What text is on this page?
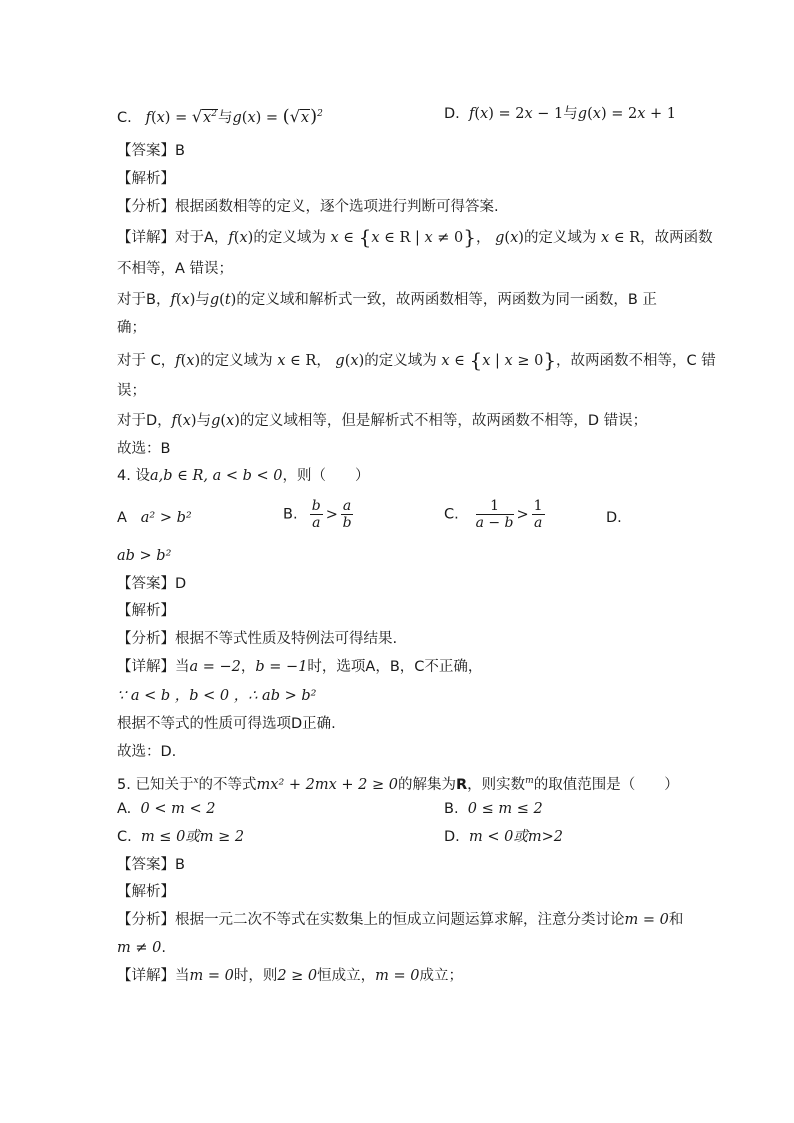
C. $f(x) = √x^2$与$g(x) = (√x)^2$	D. f(x) = 2x − 1与g(x) = 2x + 1
【答案】B
【解析】
【分析】根据函数相等的定义，逐个选项进行判断可得答案.
【详解】对于A，f(x)的定义域为 x ∈ {x ∈ R | x ≠ 0}， g(x)的定义域为 x ∈ R，故两函数
不相等，A 错误；
对于B，f(x)与g(t)的定义域和解析式一致，故两函数相等，两函数为同一函数，B 正
确；
对于 C，f(x)的定义域为 x ∈ R， g(x)的定义域为 x ∈ {x | x ≥ 0}，故两函数不相等，C 错
误；
对于D，f(x)与g(x)的定义域相等，但是解析式不相等，故两函数不相等，D 错误；
故选：B
4. 设a,b ∈ R, a < b < 0，则（　　）
A a² > b²	B. $\frac{b}{a} > \frac{a}{b}$	C. $\frac{1}{a - b} > \frac{1}{a}$	D.
ab > b²
【答案】D
【解析】
【分析】根据不等式性质及特例法可得结果.
【详解】当a = −2，b = −1时，选项A，B，C不正确，
∵ a < b ，b < 0 ，∴ ab > b²
根据不等式的性质可得选项D正确.
故选：D.
5. 已知关于$^x$的不等式mx² + 2mx + 2 ≥ 0的解集为R，则实数$^m$的取值范围是（　　）
A. 0 < m < 2	B. 0 ≤ m ≤ 2
C. m ≤ 0或m ≥ 2	D. m < 0或m>2
【答案】B
【解析】
【分析】根据一元二次不等式在实数集上的恒成立问题运算求解，注意分类讨论m = 0和
m ≠ 0.
【详解】当m = 0时，则2 ≥ 0恒成立，m = 0成立；
